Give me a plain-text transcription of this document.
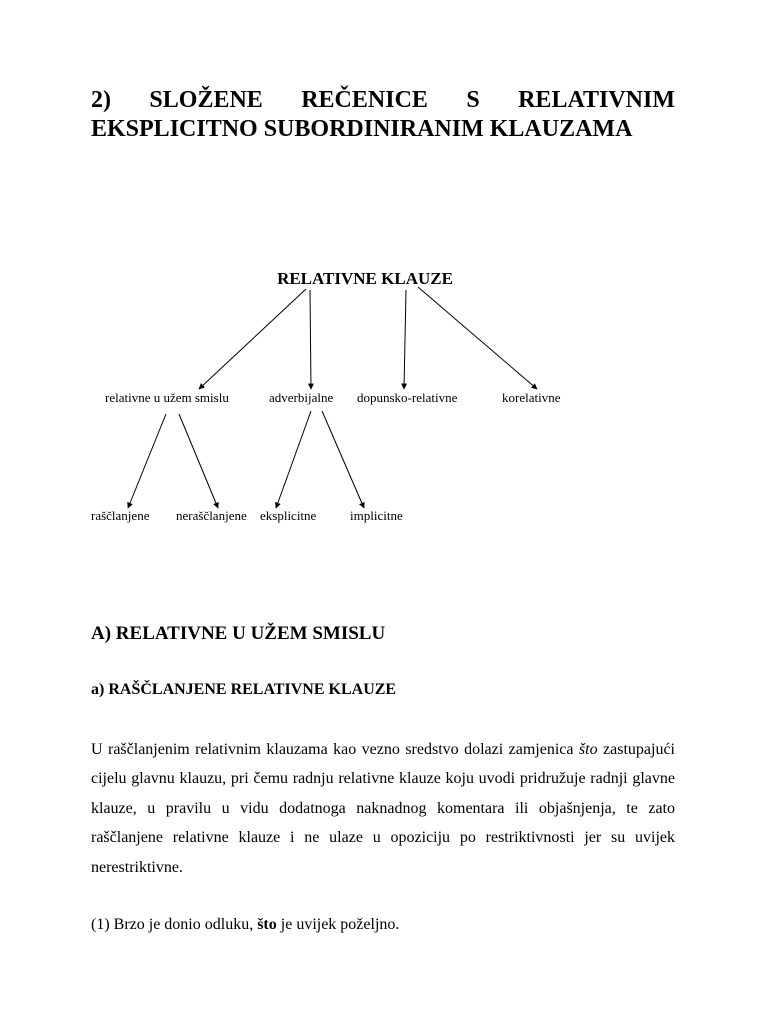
2) SLOŽENE REČENICE S RELATIVNIM
EKSPLICITNO SUBORDINIRANIM KLAUZAMA
RELATIVNE KLAUZE
relativne u užem smislu	adverbijalne dopunsko-relativne	korelativne
raščlanjene neraščlanjene eksplicitne	implicitne
A) RELATIVNE U UŽEM SMISLU
a) RAŠČLANJENE RELATIVNE KLAUZE

U raščlanjenim relativnim klauzama kao vezno sredstvo dolazi zamjenica što zastupajući cijelu glavnu klauzu, pri čemu radnju relativne klauze koju uvodi pridružuje radnji glavne klauze, u pravilu u vidu dodatnoga naknadnog komentara ili objašnjenja, te zato raščlanjene relativne klauze i ne ulaze u opoziciju po restriktivnosti jer su uvijek nerestriktivne.

(1) Brzo je donio odluku, što je uvijek poželjno.
